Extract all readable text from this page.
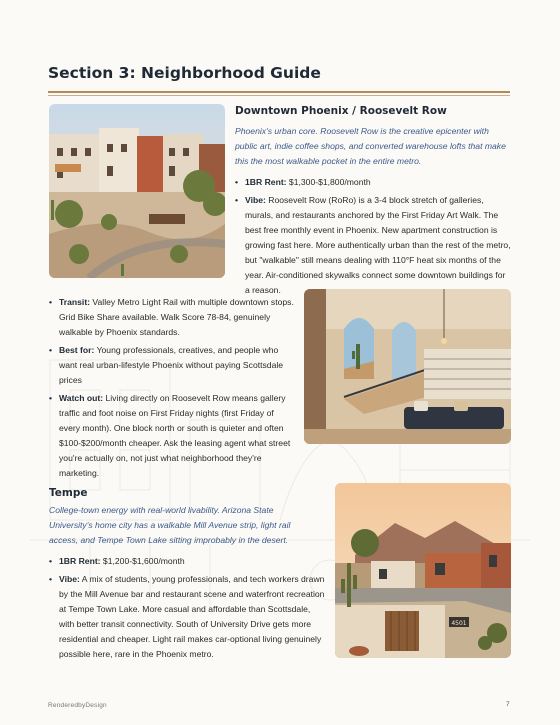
Section 3: Neighborhood Guide
Downtown Phoenix / Roosevelt Row

Phoenix's urban core. Roosevelt Row is the creative epicenter with public art, indie coffee shops, and converted warehouse lofts that make this the most walkable pocket in the entire metro.

• 1BR Rent: $1,300-$1,800/month
• Vibe: Roosevelt Row (RoRo) is a 3-4 block stretch of galleries, murals, and restaurants anchored by the First Friday Art Walk. The best free monthly event in Phoenix. New apartment construction is growing fast here. More authentically urban than the rest of the metro, but "walkable" still means dealing with 110°F heat six months of the year. Air-conditioned skywalks connect some downtown buildings for a reason.
• Transit: Valley Metro Light Rail with multiple downtown stops. Grid Bike Share available. Walk Score 78-84, genuinely walkable by Phoenix standards.
• Best for: Young professionals, creatives, and people who want real urban-lifestyle Phoenix without paying Scottsdale prices
• Watch out: Living directly on Roosevelt Row means gallery traffic and foot noise on First Friday nights (first Friday of every month). One block north or south is quieter and often $100-$200/month cheaper. Ask the leasing agent what street you're actually on, not just what neighborhood they're marketing.
Tempe

College-town energy with real-world livability. Arizona State University's home city has a walkable Mill Avenue strip, light rail access, and Tempe Town Lake sitting improbably in the desert.

• 1BR Rent: $1,200-$1,600/month
• Vibe: A mix of students, young professionals, and tech workers drawn by the Mill Avenue bar and restaurant scene and waterfront recreation at Tempe Town Lake. More casual and affordable than Scottsdale, with better transit connectivity. South of University Drive gets more residential and cheaper. Light rail makes car-optional living genuinely possible here, rare in the Phoenix metro.
4501
RenderedbyDesign	7
